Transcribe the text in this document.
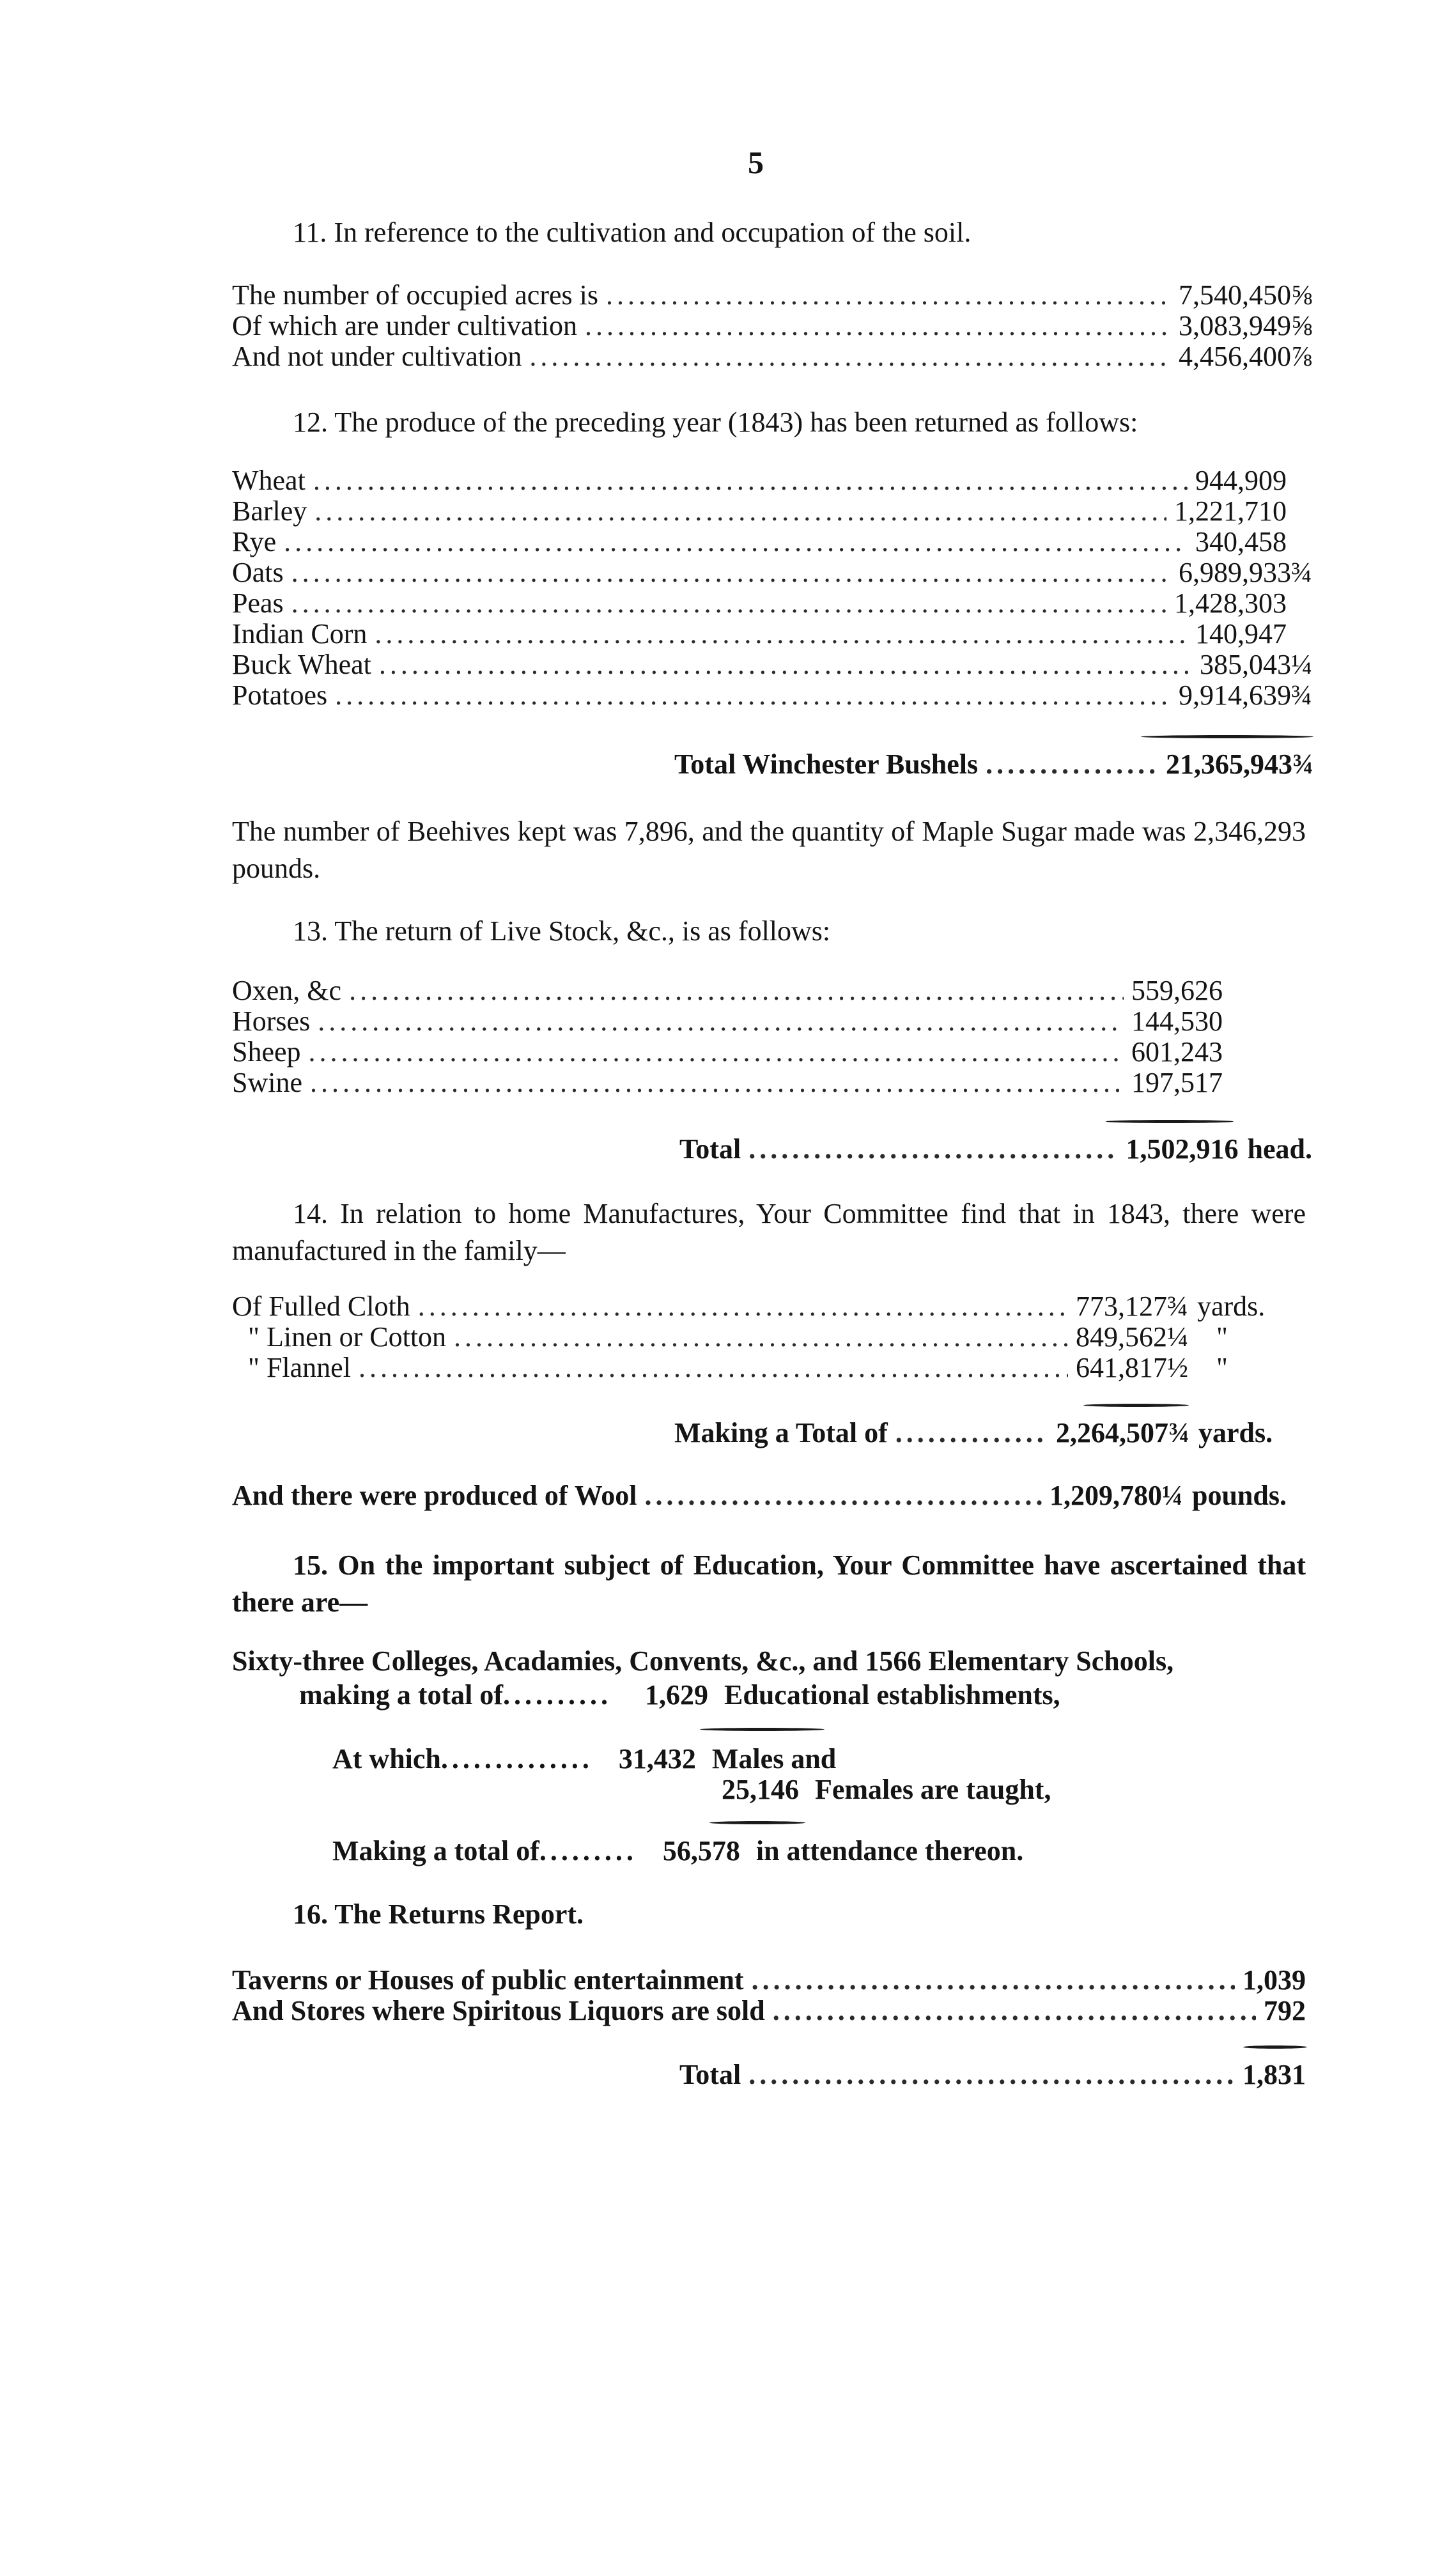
5
11. In reference to the cultivation and occupation of the soil.
The number of occupied acres is .....	7,540,450⅝
Of which are under cultivation .....	3,083,949⅝
And not under cultivation .....	4,456,400⅞
12. The produce of the preceding year (1843) has been returned as follows:
Wheat .....	944,909
Barley .....	1,221,710
Rye .....	340,458
Oats .....	6,989,933¾
Peas .....	1,428,303
Indian Corn .....	140,947
Buck Wheat .....	385,043¼
Potatoes .....	9,914,639¾
Total Winchester Bushels .....	21,365,943¾
The number of Beehives kept was 7,896, and the quantity of Maple Sugar made was 2,346,293 pounds.
13. The return of Live Stock, &c., is as follows:
Oxen, &c .....	559,626
Horses .....	144,530
Sheep .....	601,243
Swine .....	197,517
Total .....	1,502,916 head.
14. In relation to home Manufactures, Your Committee find that in 1843, there were manufactured in the family—
Of Fulled Cloth .....	773,127¾ yards.
" Linen or Cotton .....	849,562¼	"
" Flannel .....	641,817½	"
Making a Total of .....	2,264,507¾ yards.
And there were produced of Wool .....	1,209,780¼ pounds.
15. On the important subject of Education, Your Committee have ascertained that there are—
Sixty-three Colleges, Acadamies, Convents, &c., and 1566 Elementary Schools,
making a total of.......... 1,629 Educational establishments,
At which.............. 31,432 Males and
25,146 Females are taught,
Making a total of......... 56,578 in attendance thereon.
16. The Returns Report.
Taverns or Houses of public entertainment .....	1,039
And Stores where Spiritous Liquors are sold .....	792
Total .....	1,831
